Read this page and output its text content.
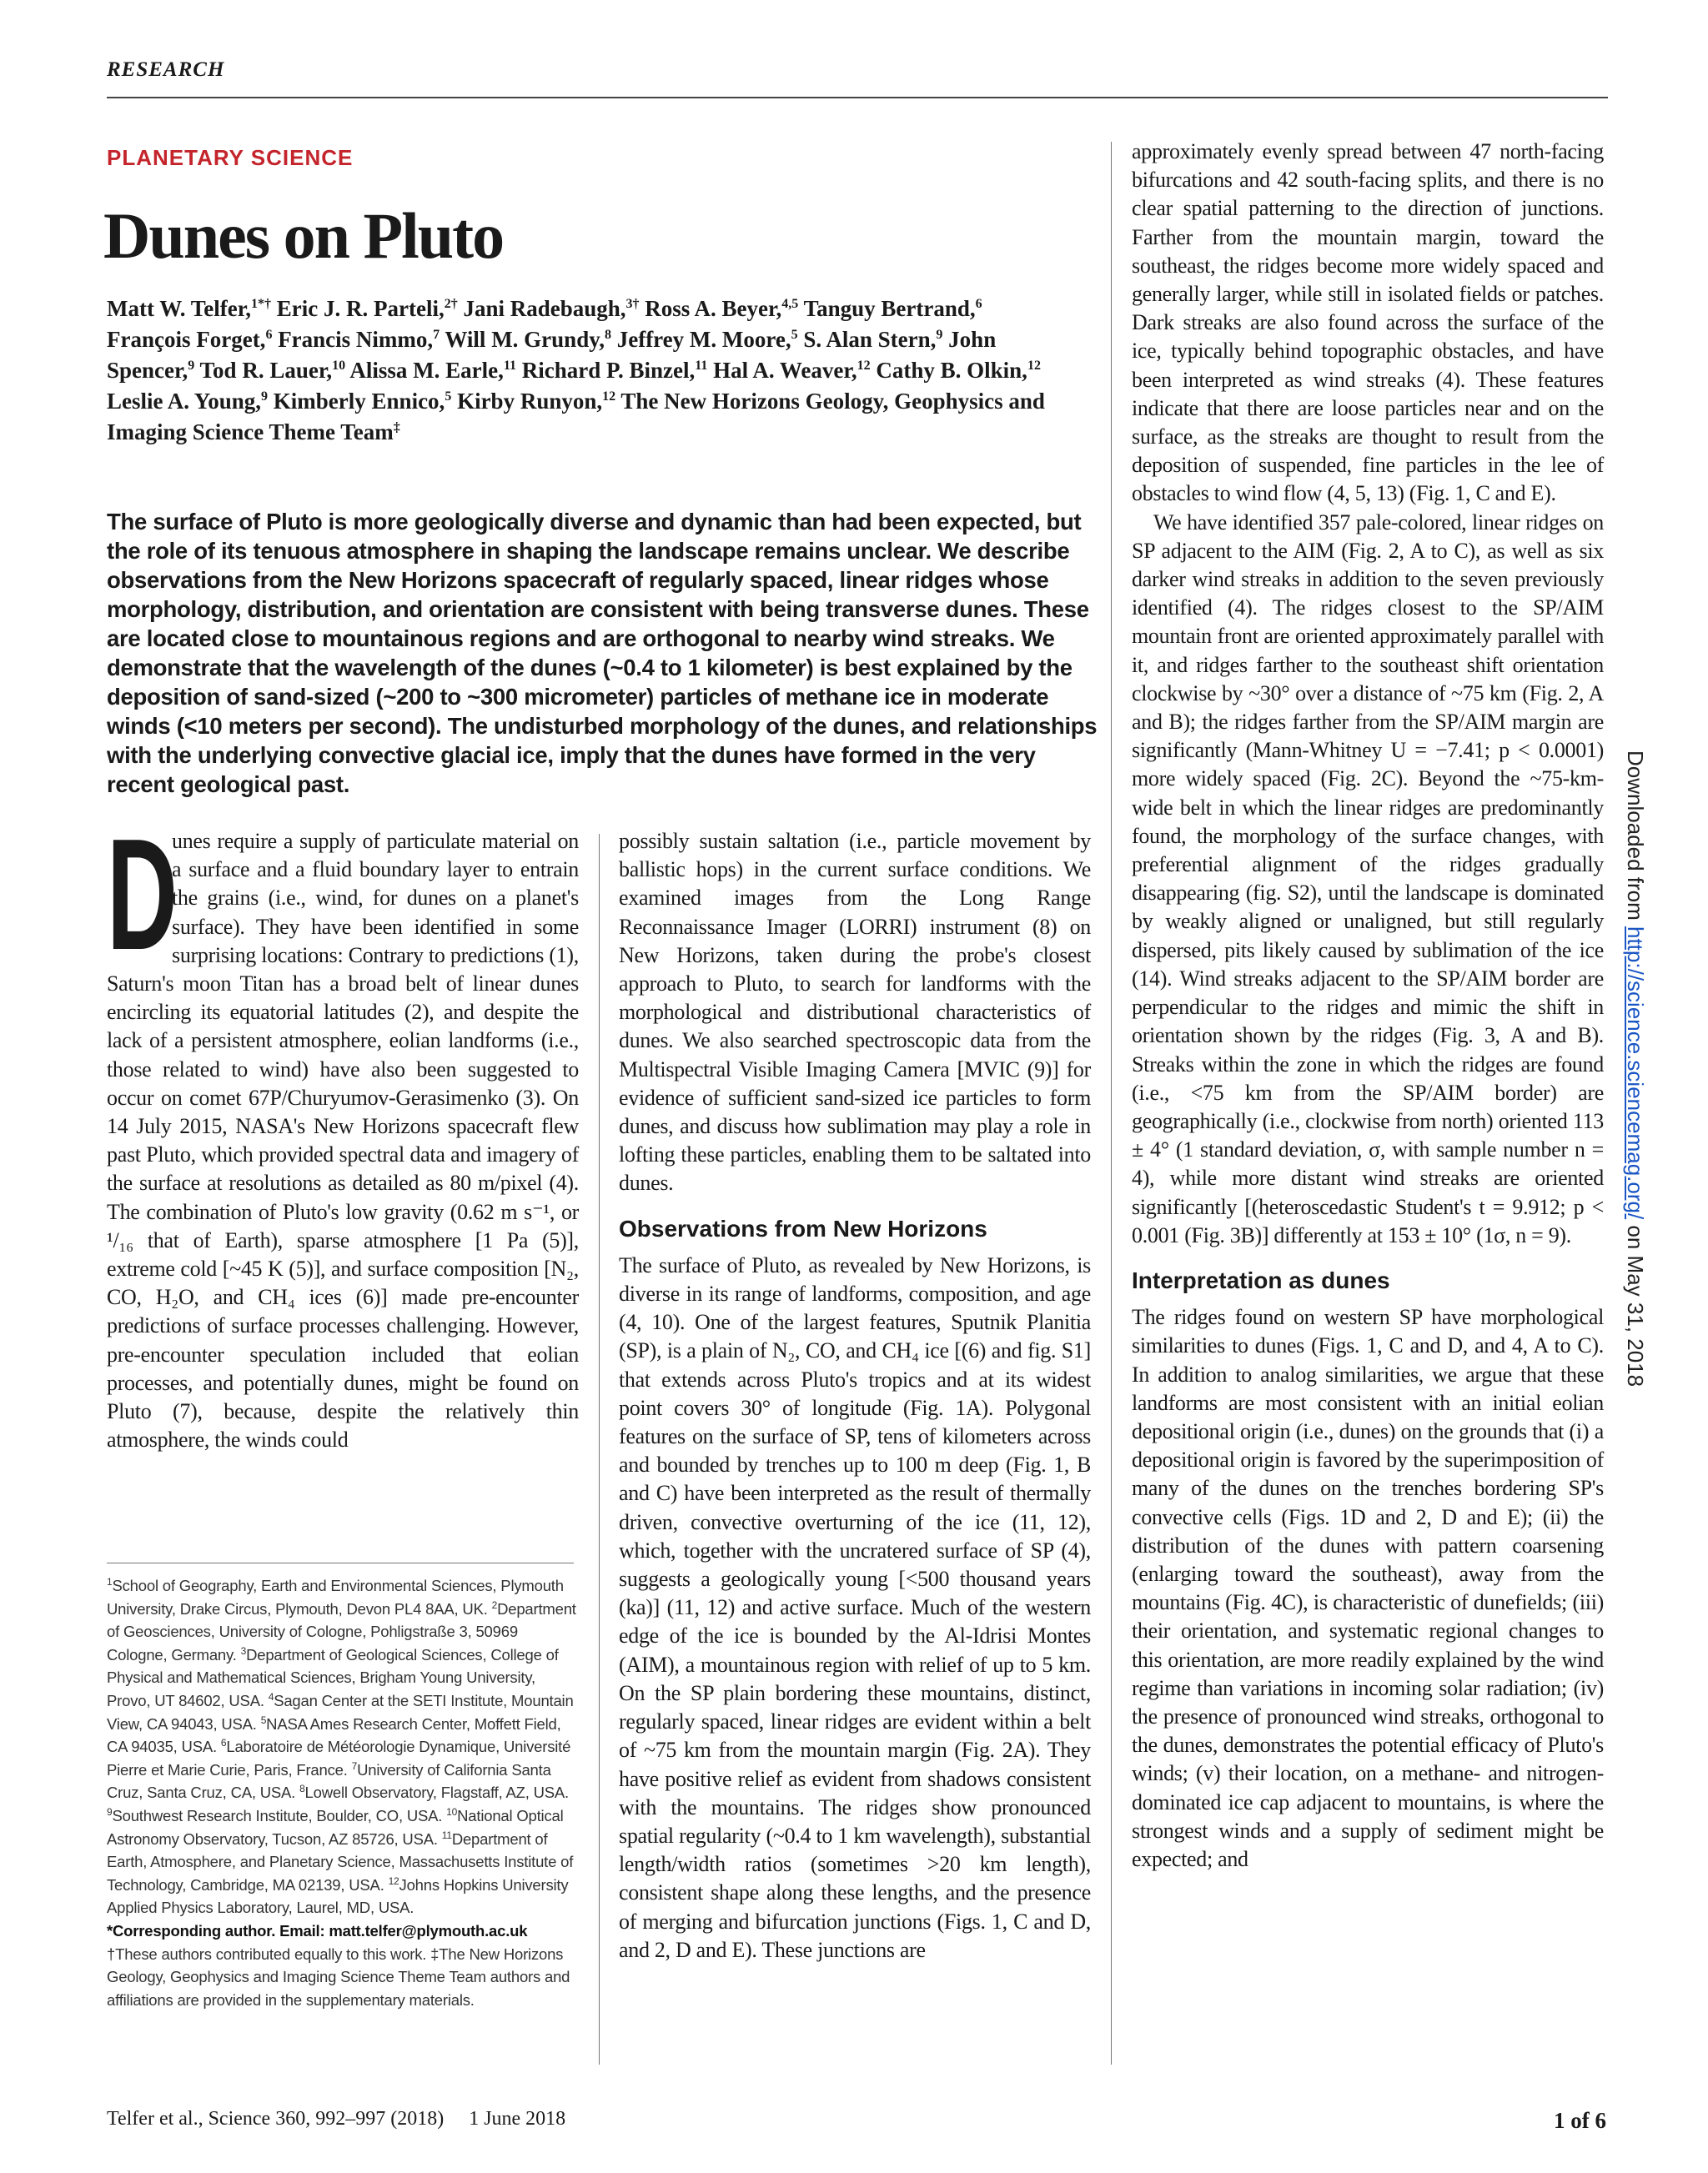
RESEARCH
PLANETARY SCIENCE
Dunes on Pluto
Matt W. Telfer,$^{1*\dagger}$ Eric J. R. Parteli,$^{2\dagger}$ Jani Radebaugh,$^{3\dagger}$ Ross A. Beyer,$^{4,5}$ Tanguy Bertrand,$^6$ François Forget,$^6$ Francis Nimmo,$^7$ Will M. Grundy,$^8$ Jeffrey M. Moore,$^5$ S. Alan Stern,$^9$ John Spencer,$^9$ Tod R. Lauer,$^{10}$ Alissa M. Earle,$^{11}$ Richard P. Binzel,$^{11}$ Hal A. Weaver,$^{12}$ Cathy B. Olkin,$^{12}$ Leslie A. Young,$^9$ Kimberly Ennico,$^5$ Kirby Runyon,$^{12}$ The New Horizons Geology, Geophysics and Imaging Science Theme Team‡
The surface of Pluto is more geologically diverse and dynamic than had been expected, but the role of its tenuous atmosphere in shaping the landscape remains unclear. We describe observations from the New Horizons spacecraft of regularly spaced, linear ridges whose morphology, distribution, and orientation are consistent with being transverse dunes. These are located close to mountainous regions and are orthogonal to nearby wind streaks. We demonstrate that the wavelength of the dunes (~0.4 to 1 kilometer) is best explained by the deposition of sand-sized (~200 to ~300 micrometer) particles of methane ice in moderate winds (<10 meters per second). The undisturbed morphology of the dunes, and relationships with the underlying convective glacial ice, imply that the dunes have formed in the very recent geological past.

D
unes require a supply of particulate material on a surface and a fluid boundary layer to entrain the grains (i.e., wind, for dunes on a planet's surface). They have been identified in some surprising locations: Contrary to predictions (1), Saturn's moon Titan has a broad belt of linear dunes encircling its equatorial latitudes (2), and despite the lack of a persistent atmosphere, eolian landforms (i.e., those related to wind) have also been suggested to occur on comet 67P/Churyumov-Gerasimenko (3). On 14 July 2015, NASA's New Horizons spacecraft flew past Pluto, which provided spectral data and imagery of the surface at resolutions as detailed as 80 m/pixel (4). The combination of Pluto's low gravity (0.62 m s⁻¹, or ¹/₁₆ that of Earth), sparse atmosphere [1 Pa (5)], extreme cold [~45 K (5)], and surface composition [N₂, CO, H₂O, and CH₄ ices (6)] made pre-encounter predictions of surface processes challenging. However, pre-encounter speculation included that eolian processes, and potentially dunes, might be found on Pluto (7), because, despite the relatively thin atmosphere, the winds could

possibly sustain saltation (i.e., particle movement by ballistic hops) in the current surface conditions. We examined images from the Long Range Reconnaissance Imager (LORRI) instrument (8) on New Horizons, taken during the probe's closest approach to Pluto, to search for landforms with the morphological and distributional characteristics of dunes. We also searched spectroscopic data from the Multispectral Visible Imaging Camera [MVIC (9)] for evidence of sufficient sand-sized ice particles to form dunes, and discuss how sublimation may play a role in lofting these particles, enabling them to be saltated into dunes.

Observations from New Horizons

The surface of Pluto, as revealed by New Horizons, is diverse in its range of landforms, composition, and age (4, 10). One of the largest features, Sputnik Planitia (SP), is a plain of N₂, CO, and CH₄ ice [(6) and fig. S1] that extends across Pluto's tropics and at its widest point covers 30° of longitude (Fig. 1A). Polygonal features on the surface of SP, tens of kilometers across and bounded by trenches up to 100 m deep (Fig. 1, B and C) have been interpreted as the result of thermally driven, convective overturning of the ice (11, 12), which, together with the uncratered surface of SP (4), suggests a geologically young [<500 thousand years (ka)] (11, 12) and active surface. Much of the western edge of the ice is bounded by the Al-Idrisi Montes (AIM), a mountainous region with relief of up to 5 km. On the SP plain bordering these mountains, distinct, regularly spaced, linear ridges are evident within a belt of ~75 km from the mountain margin (Fig. 2A). They have positive relief as evident from shadows consistent with the mountains. The ridges show pronounced spatial regularity (~0.4 to 1 km wavelength), substantial length/width ratios (sometimes >20 km length), consistent shape along these lengths, and the presence of merging and bifurcation junctions (Figs. 1, C and D, and 2, D and E). These junctions are

approximately evenly spread between 47 north-facing bifurcations and 42 south-facing splits, and there is no clear spatial patterning to the direction of junctions. Farther from the mountain margin, toward the southeast, the ridges become more widely spaced and generally larger, while still in isolated fields or patches. Dark streaks are also found across the surface of the ice, typically behind topographic obstacles, and have been interpreted as wind streaks (4). These features indicate that there are loose particles near and on the surface, as the streaks are thought to result from the deposition of suspended, fine particles in the lee of obstacles to wind flow (4, 5, 13) (Fig. 1, C and E).

We have identified 357 pale-colored, linear ridges on SP adjacent to the AIM (Fig. 2, A to C), as well as six darker wind streaks in addition to the seven previously identified (4). The ridges closest to the SP/AIM mountain front are oriented approximately parallel with it, and ridges farther to the southeast shift orientation clockwise by ~30° over a distance of ~75 km (Fig. 2, A and B); the ridges farther from the SP/AIM margin are significantly (Mann-Whitney U = −7.41; p < 0.0001) more widely spaced (Fig. 2C). Beyond the ~75-km-wide belt in which the linear ridges are predominantly found, the morphology of the surface changes, with preferential alignment of the ridges gradually disappearing (fig. S2), until the landscape is dominated by weakly aligned or unaligned, but still regularly dispersed, pits likely caused by sublimation of the ice (14). Wind streaks adjacent to the SP/AIM border are perpendicular to the ridges and mimic the shift in orientation shown by the ridges (Fig. 3, A and B). Streaks within the zone in which the ridges are found (i.e., <75 km from the SP/AIM border) are geographically (i.e., clockwise from north) oriented 113 ± 4° (1 standard deviation, σ, with sample number n = 4), while more distant wind streaks are oriented significantly [(heteroscedastic Student's t = 9.912; p < 0.001 (Fig. 3B)] differently at 153 ± 10° (1σ, n = 9).

Interpretation as dunes

The ridges found on western SP have morphological similarities to dunes (Figs. 1, C and D, and 4, A to C). In addition to analog similarities, we argue that these landforms are most consistent with an initial eolian depositional origin (i.e., dunes) on the grounds that (i) a depositional origin is favored by the superimposition of many of the dunes on the trenches bordering SP's convective cells (Figs. 1D and 2, D and E); (ii) the distribution of the dunes with pattern coarsening (enlarging toward the southeast), away from the mountains (Fig. 4C), is characteristic of dunefields; (iii) their orientation, and systematic regional changes to this orientation, are more readily explained by the wind regime than variations in incoming solar radiation; (iv) the presence of pronounced wind streaks, orthogonal to the dunes, demonstrates the potential efficacy of Pluto's winds; (v) their location, on a methane- and nitrogen-dominated ice cap adjacent to mountains, is where the strongest winds and a supply of sediment might be expected; and

$^1$School of Geography, Earth and Environmental Sciences, Plymouth University, Drake Circus, Plymouth, Devon PL4 8AA, UK. $^2$Department of Geosciences, University of Cologne, Pohligstraße 3, 50969 Cologne, Germany. $^3$Department of Geological Sciences, College of Physical and Mathematical Sciences, Brigham Young University, Provo, UT 84602, USA. $^4$Sagan Center at the SETI Institute, Mountain View, CA 94043, USA. $^5$NASA Ames Research Center, Moffett Field, CA 94035, USA. $^6$Laboratoire de Météorologie Dynamique, Université Pierre et Marie Curie, Paris, France. $^7$University of California Santa Cruz, Santa Cruz, CA, USA. $^8$Lowell Observatory, Flagstaff, AZ, USA. $^9$Southwest Research Institute, Boulder, CO, USA. $^{10}$National Optical Astronomy Observatory, Tucson, AZ 85726, USA. $^{11}$Department of Earth, Atmosphere, and Planetary Science, Massachusetts Institute of Technology, Cambridge, MA 02139, USA. $^{12}$Johns Hopkins University Applied Physics Laboratory, Laurel, MD, USA.
*Corresponding author. Email: matt.telfer@plymouth.ac.uk
†These authors contributed equally to this work. ‡The New Horizons Geology, Geophysics and Imaging Science Theme Team authors and affiliations are provided in the supplementary materials.
Telfer et al., Science 360, 992–997 (2018)     1 June 2018	1 of 6
Downloaded from http://science.sciencemag.org/ on May 31, 2018
